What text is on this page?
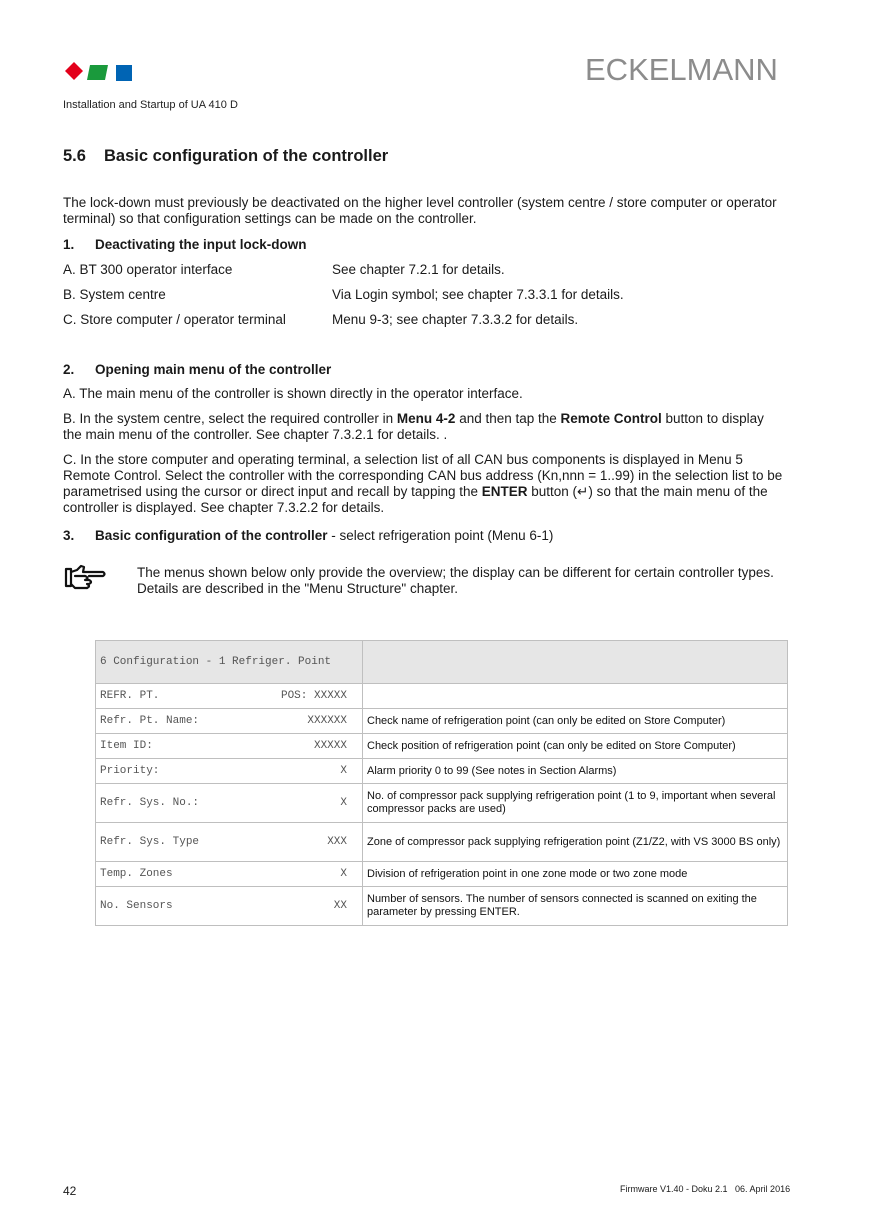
ECKELMANN
Installation and Startup of UA 410 D
5.6 Basic configuration of the controller
The lock-down must previously be deactivated on the higher level controller (system centre / store computer or operator terminal) so that configuration settings can be made on the controller.
1. Deactivating the input lock-down
A. BT 300 operator interface	See chapter 7.2.1 for details.
B. System centre	Via Login symbol; see chapter 7.3.3.1 for details.
C. Store computer / operator terminal	Menu 9-3; see chapter 7.3.3.2 for details.
2. Opening main menu of the controller
A. The main menu of the controller is shown directly in the operator interface.
B. In the system centre, select the required controller in Menu 4-2 and then tap the Remote Control button to display the main menu of the controller. See chapter 7.3.2.1 for details. .
C. In the store computer and operating terminal, a selection list of all CAN bus components is displayed in Menu 5 Remote Control. Select the controller with the corresponding CAN bus address (Kn,nnn = 1..99) in the selection list to be parametrised using the cursor or direct input and recall by tapping the ENTER button (↵) so that the main menu of the controller is displayed. See chapter 7.3.2.2 for details.
3. Basic configuration of the controller - select refrigeration point (Menu 6-1)
The menus shown below only provide the overview; the display can be different for certain controller types. Details are described in the "Menu Structure" chapter.
6 Configuration - 1 Refriger. Point	

REFR. PT. POS: XXXXX	

Refr. Pt. Name: XXXXXX	Check name of refrigeration point (can only be edited on Store Computer)

Item ID: XXXXX	Check position of refrigeration point (can only be edited on Store Computer)

Priority: X	Alarm priority 0 to 99 (See notes in Section Alarms)

Refr. Sys. No.: X	No. of compressor pack supplying refrigeration point (1 to 9, important when several compressor packs are used)

Refr. Sys. Type XXX	Zone of compressor pack supplying refrigeration point (Z1/Z2, with VS 3000 BS only)

Temp. Zones X	Division of refrigeration point in one zone mode or two zone mode

No. Sensors XX	Number of sensors. The number of sensors connected is scanned on exiting the parameter by pressing ENTER.
42	Firmware V1.40 - Doku 2.1   06. April 2016
